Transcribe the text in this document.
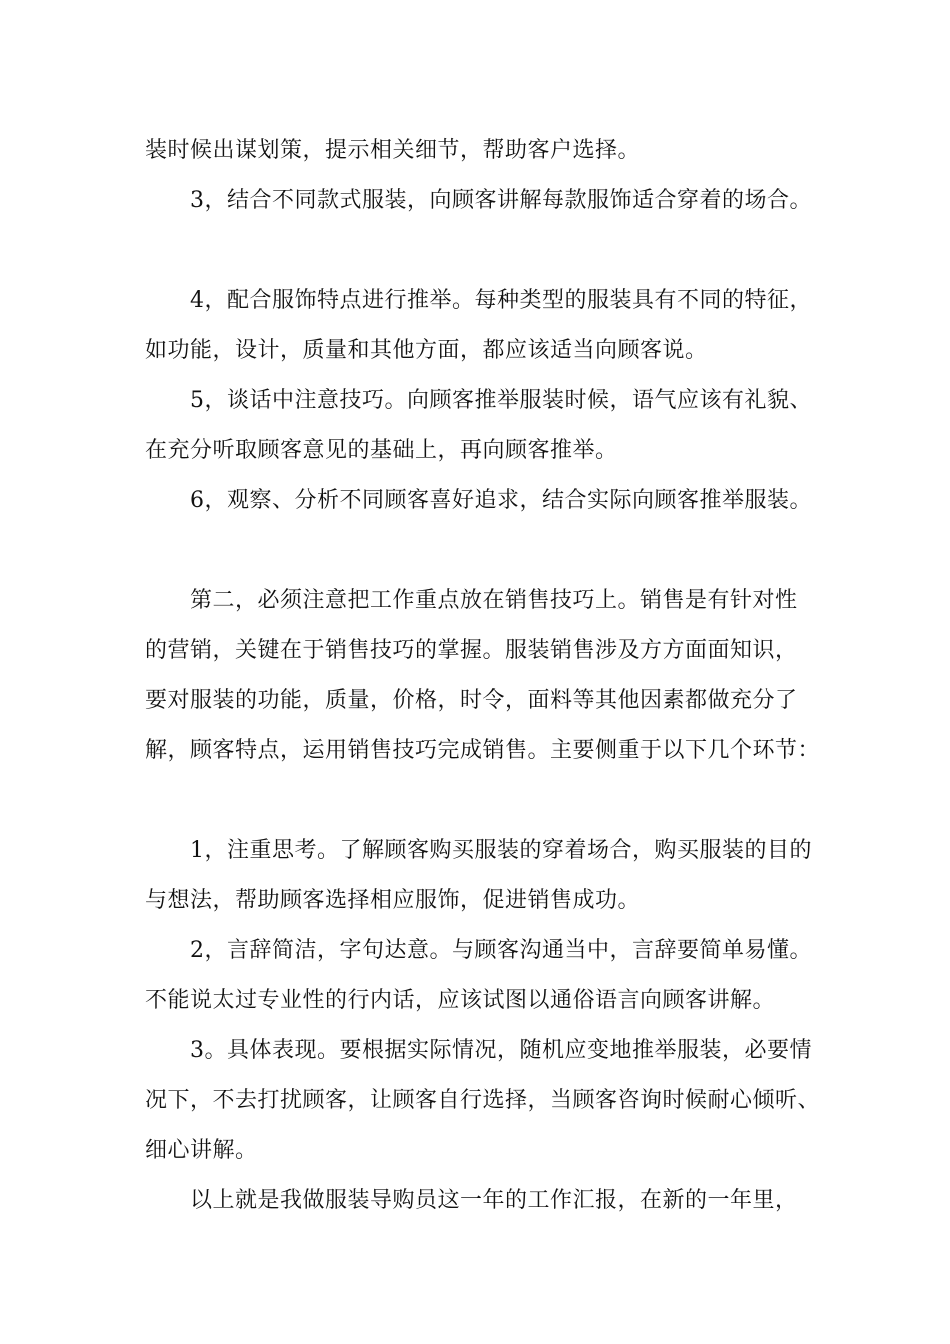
装时候出谋划策，提示相关细节，帮助客户选择。
3，结合不同款式服装，向顾客讲解每款服饰适合穿着的场合。
4，配合服饰特点进行推举。每种类型的服装具有不同的特征，
如功能，设计，质量和其他方面，都应该适当向顾客说。
5，谈话中注意技巧。向顾客推举服装时候，语气应该有礼貌、
在充分听取顾客意见的基础上，再向顾客推举。
6，观察、分析不同顾客喜好追求，结合实际向顾客推举服装。
第二，必须注意把工作重点放在销售技巧上。销售是有针对性
的营销，关键在于销售技巧的掌握。服装销售涉及方方面面知识，
要对服装的功能，质量，价格，时令，面料等其他因素都做充分了
解，顾客特点，运用销售技巧完成销售。主要侧重于以下几个环节：
1，注重思考。了解顾客购买服装的穿着场合，购买服装的目的
与想法，帮助顾客选择相应服饰，促进销售成功。
2，言辞简洁，字句达意。与顾客沟通当中，言辞要简单易懂。
不能说太过专业性的行内话，应该试图以通俗语言向顾客讲解。
3。具体表现。要根据实际情况，随机应变地推举服装，必要情
况下，不去打扰顾客，让顾客自行选择，当顾客咨询时候耐心倾听、
细心讲解。
以上就是我做服装导购员这一年的工作汇报，在新的一年里，
